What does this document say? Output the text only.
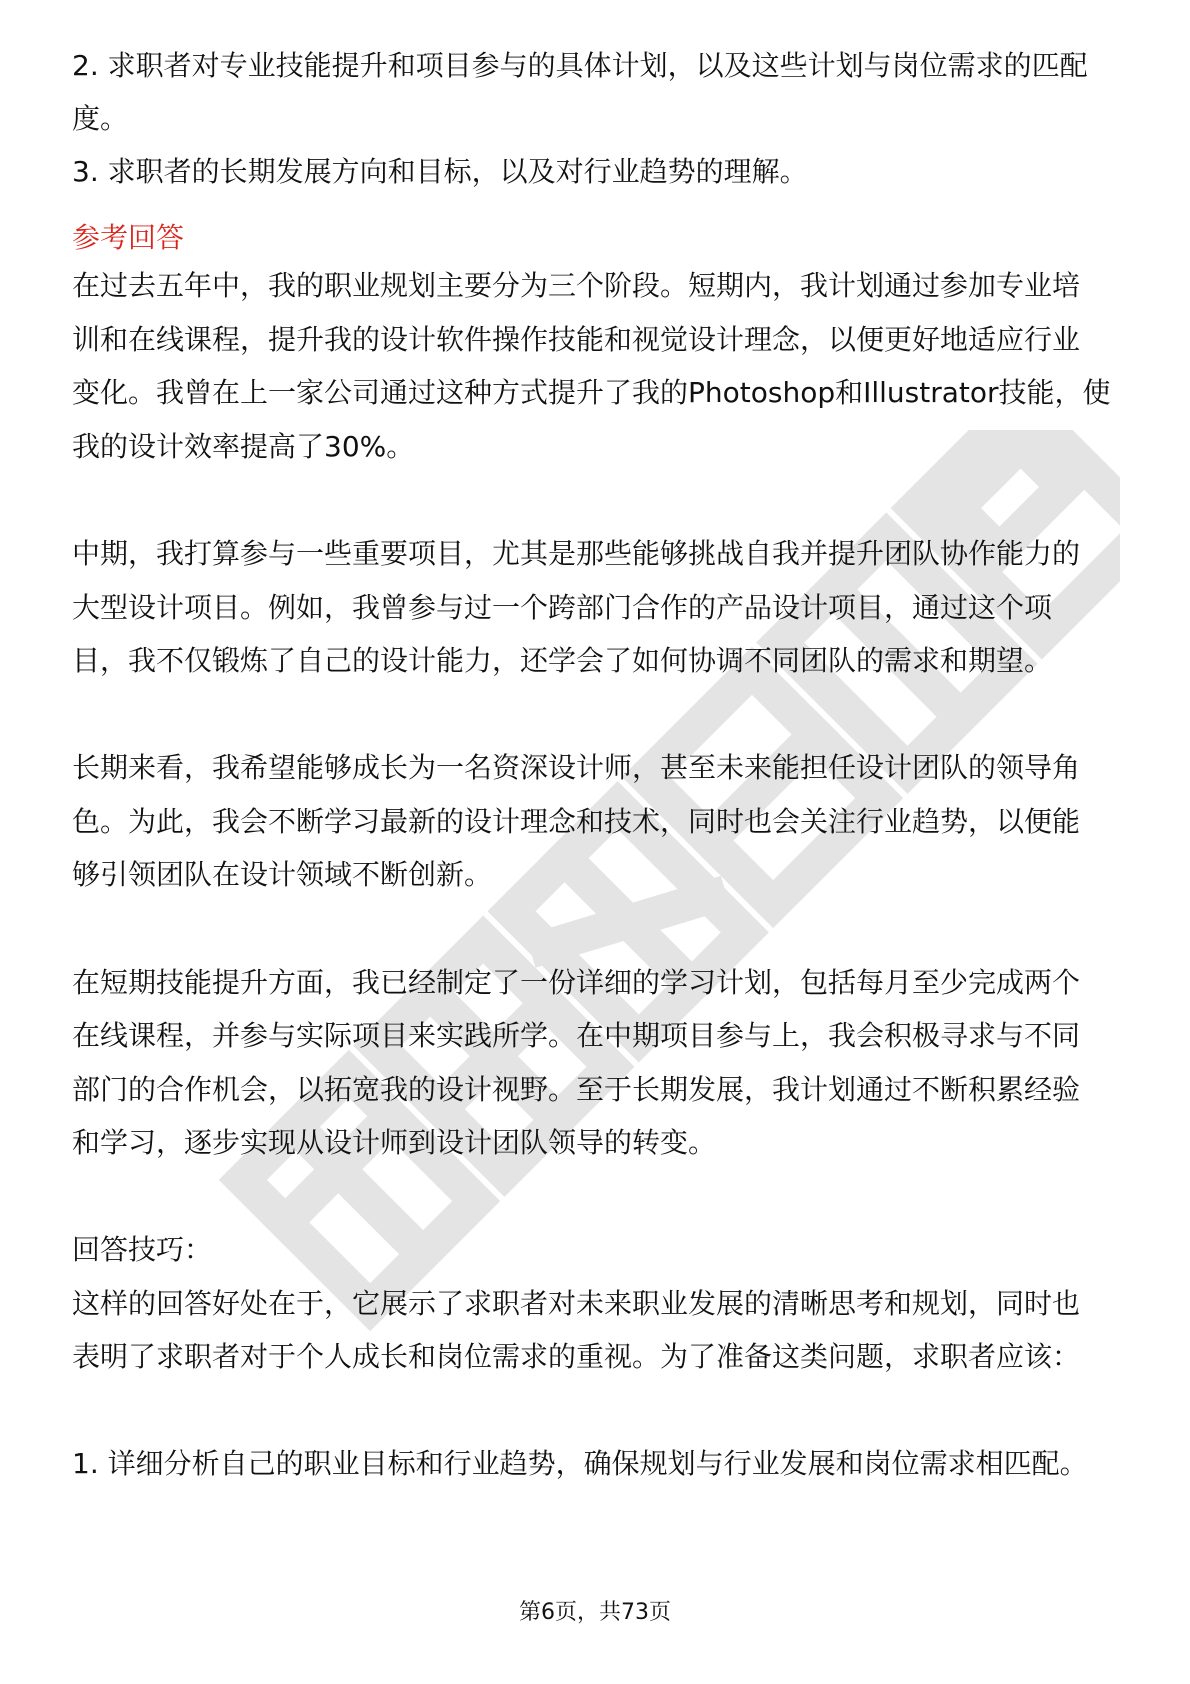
2. 求职者对专业技能提升和项目参与的具体计划，以及这些计划与岗位需求的匹配
度。
3. 求职者的长期发展方向和目标，以及对行业趋势的理解。
参考回答
在过去五年中，我的职业规划主要分为三个阶段。短期内，我计划通过参加专业培
训和在线课程，提升我的设计软件操作技能和视觉设计理念，以便更好地适应行业
变化。我曾在上一家公司通过这种方式提升了我的Photoshop和Illustrator技能，使
我的设计效率提高了30%。
中期，我打算参与一些重要项目，尤其是那些能够挑战自我并提升团队协作能力的
大型设计项目。例如，我曾参与过一个跨部门合作的产品设计项目，通过这个项
目，我不仅锻炼了自己的设计能力，还学会了如何协调不同团队的需求和期望。
长期来看，我希望能够成长为一名资深设计师，甚至未来能担任设计团队的领导角
色。为此，我会不断学习最新的设计理念和技术，同时也会关注行业趋势，以便能
够引领团队在设计领域不断创新。
在短期技能提升方面，我已经制定了一份详细的学习计划，包括每月至少完成两个
在线课程，并参与实际项目来实践所学。在中期项目参与上，我会积极寻求与不同
部门的合作机会，以拓宽我的设计视野。至于长期发展，我计划通过不断积累经验
和学习，逐步实现从设计师到设计团队领导的转变。
回答技巧：
这样的回答好处在于，它展示了求职者对未来职业发展的清晰思考和规划，同时也
表明了求职者对于个人成长和岗位需求的重视。为了准备这类问题，求职者应该：
1. 详细分析自己的职业目标和行业趋势，确保规划与行业发展和岗位需求相匹配。
第6页，共73页
